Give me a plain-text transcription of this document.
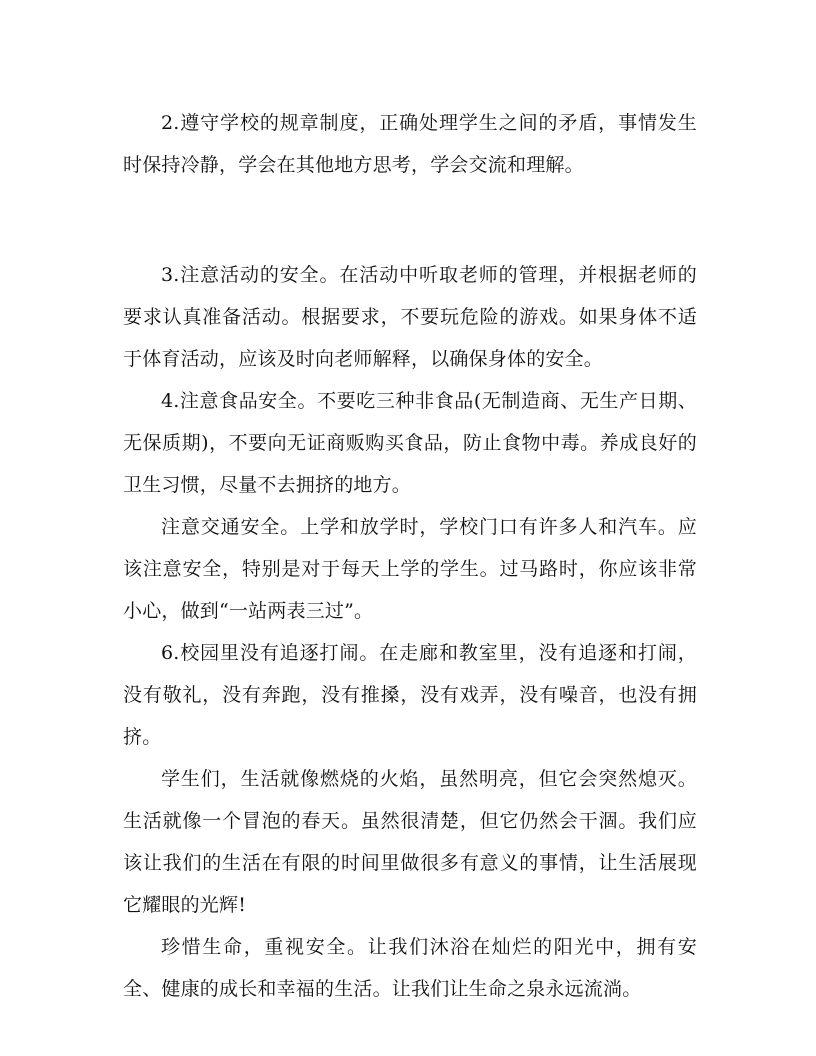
2.遵守学校的规章制度，正确处理学生之间的矛盾，事情发生时保持冷静，学会在其他地方思考，学会交流和理解。

3.注意活动的安全。在活动中听取老师的管理，并根据老师的要求认真准备活动。根据要求，不要玩危险的游戏。如果身体不适于体育活动，应该及时向老师解释，以确保身体的安全。

4.注意食品安全。不要吃三种非食品(无制造商、无生产日期、无保质期)，不要向无证商贩购买食品，防止食物中毒。养成良好的卫生习惯，尽量不去拥挤的地方。

注意交通安全。上学和放学时，学校门口有许多人和汽车。应该注意安全，特别是对于每天上学的学生。过马路时，你应该非常小心，做到“一站两表三过”。

6.校园里没有追逐打闹。在走廊和教室里，没有追逐和打闹，没有敬礼，没有奔跑，没有推搡，没有戏弄，没有噪音，也没有拥挤。

学生们，生活就像燃烧的火焰，虽然明亮，但它会突然熄灭。生活就像一个冒泡的春天。虽然很清楚，但它仍然会干涸。我们应该让我们的生活在有限的时间里做很多有意义的事情，让生活展现它耀眼的光辉!

珍惜生命，重视安全。让我们沐浴在灿烂的阳光中，拥有安全、健康的成长和幸福的生活。让我们让生命之泉永远流淌。
